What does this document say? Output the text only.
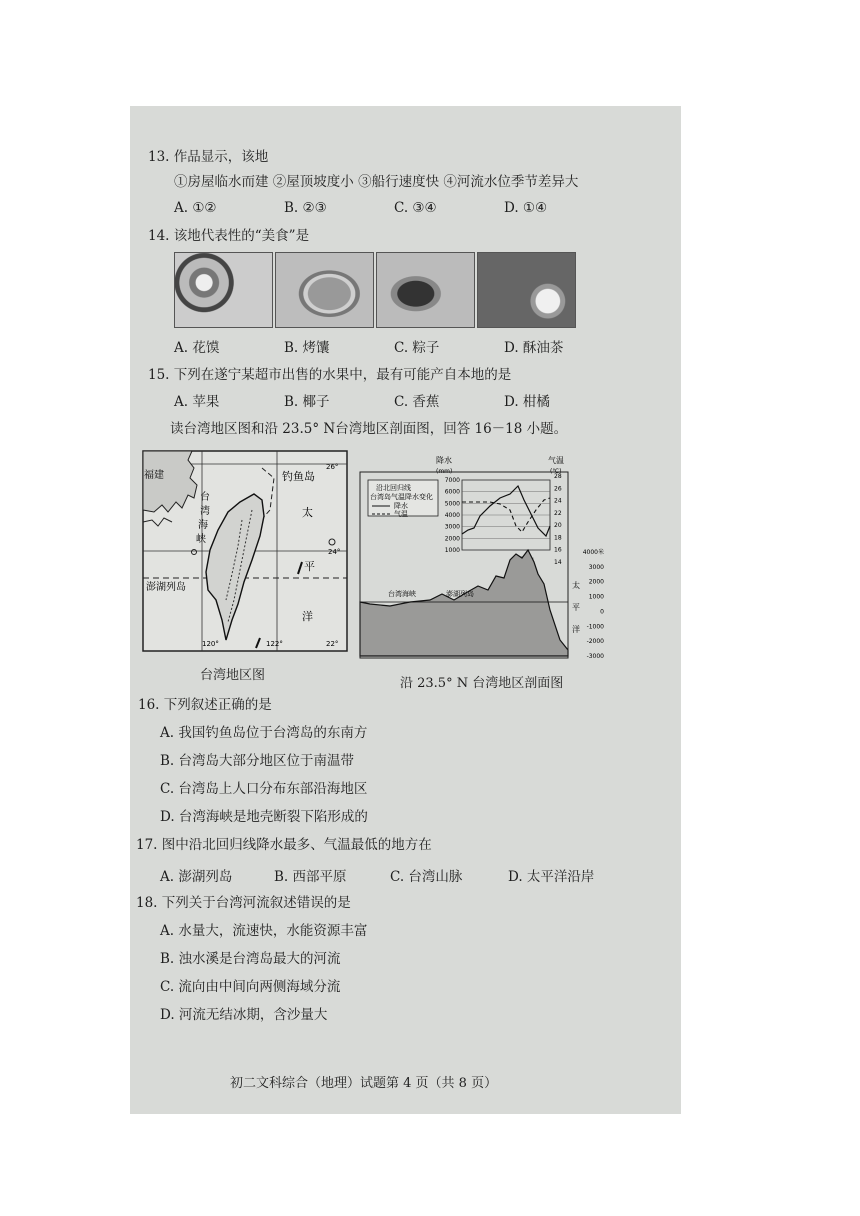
13. 作品显示，该地
①房屋临水而建 ②屋顶坡度小 ③船行速度快 ④河流水位季节差异大
A. ①②	B. ②③	C. ③④	D. ①④
14. 该地代表性的“美食”是
A. 花馍	B. 烤馕	C. 粽子	D. 酥油茶
15. 下列在遂宁某超市出售的水果中，最有可能产自本地的是
A. 苹果	B. 椰子	C. 香蕉	D. 柑橘
读台湾地区图和沿 23.5° N台湾地区剖面图，回答 16－18 小题。
福建	钓鱼岛
26°
太
24°
平
洋
台
湾
海
峡
澎湖列岛
120°	122°	22°
台湾地区图
降水
(mm)
气温
(℃)
7000
6000
5000
4000
3000
2000
1000
28
26
24
22
20
18
16
14
沿北回归线
台湾岛气温降水变化
降水
气温
4000米
3000
2000
1000
0
-1000
-2000
-3000
台湾海峡	澎湖列岛
太
平
洋
沿 23.5° N 台湾地区剖面图
16. 下列叙述正确的是
A. 我国钓鱼岛位于台湾岛的东南方
B. 台湾岛大部分地区位于南温带
C. 台湾岛上人口分布东部沿海地区
D. 台湾海峡是地壳断裂下陷形成的
17. 图中沿北回归线降水最多、气温最低的地方在
A. 澎湖列岛	B. 西部平原	C. 台湾山脉	D. 太平洋沿岸
18. 下列关于台湾河流叙述错误的是
A. 水量大，流速快，水能资源丰富
B. 浊水溪是台湾岛最大的河流
C. 流向由中间向两侧海域分流
D. 河流无结冰期，含沙量大
初二文科综合（地理）试题第 4 页（共 8 页）
